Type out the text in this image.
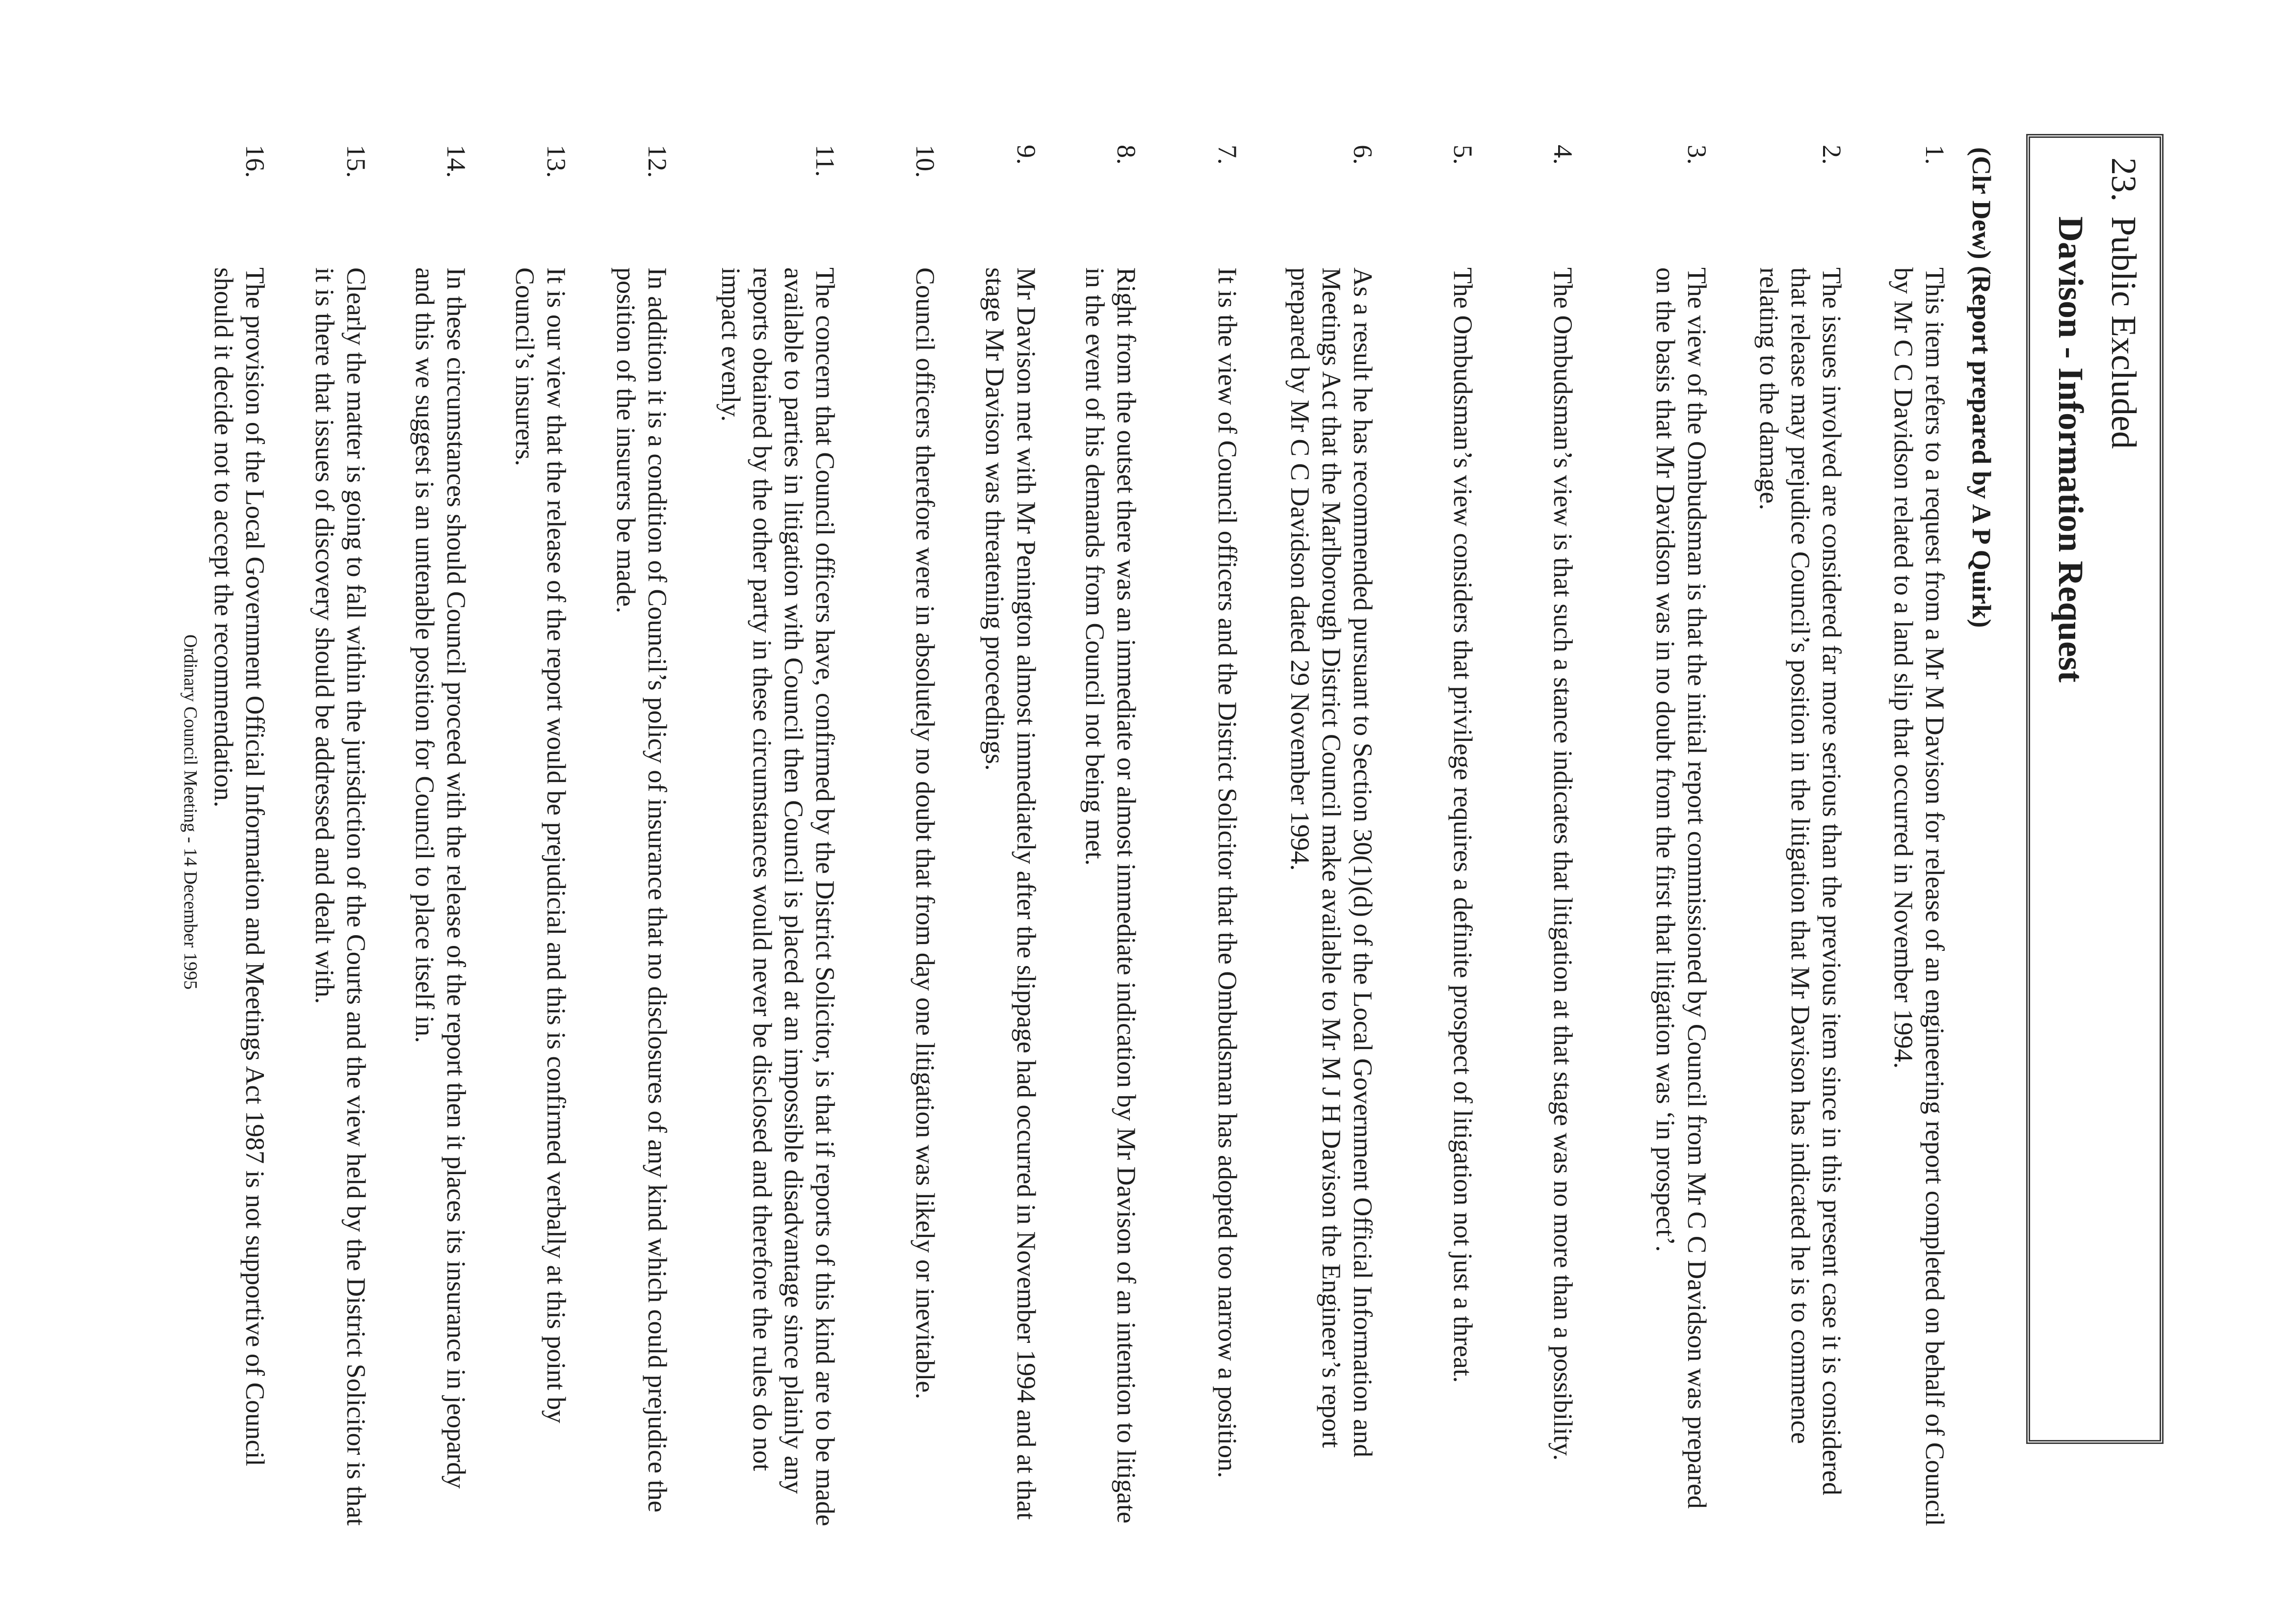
23.
Public Excluded
Davison - Information Request
(Clr Dew) (Report prepared by A P Quirk)
1.
This item refers to a request from a Mr M Davison for release of an engineering report completed on behalf of Council by Mr C C Davidson related to a land slip that occurred in November 1994.
2.
The issues involved are considered far more serious than the previous item since in this present case it is considered that release may prejudice Council’s position in the litigation that Mr Davison has indicated he is to commence relating to the damage.
3.
The view of the Ombudsman is that the initial report commissioned by Council from Mr C C Davidson was prepared on the basis that Mr Davidson was in no doubt from the first that litigation was ‘in prospect’.
4.
The Ombudsman’s view is that such a stance indicates that litigation at that stage was no more than a possibility.
5.
The Ombudsman’s view considers that privilege requires a definite prospect of litigation not just a threat.
6.
As a result he has recommended pursuant to Section 30(1)(d) of the Local Government Official Information and Meetings Act that the Marlborough District Council make available to Mr M J H Davison the Engineer’s report prepared by Mr C C Davidson dated 29 November 1994.
7.
It is the view of Council officers and the District Solicitor that the Ombudsman has adopted too narrow a position.
8.
Right from the outset there was an immediate or almost immediate indication by Mr Davison of an intention to litigate in the event of his demands from Council not being met.
9.
Mr Davison met with Mr Penington almost immediately after the slippage had occurred in November 1994 and at that stage Mr Davison was threatening proceedings.
10.
Council officers therefore were in absolutely no doubt that from day one litigation was likely or inevitable.
11.
The concern that Council officers have, confirmed by the District Solicitor, is that if reports of this kind are to be made available to parties in litigation with Council then Council is placed at an impossible disadvantage since plainly any reports obtained by the other party in these circumstances would never be disclosed and therefore the rules do not impact evenly.
12.
In addition it is a condition of Council’s policy of insurance that no disclosures of any kind which could prejudice the position of the insurers be made.
13.
It is our view that the release of the report would be prejudicial and this is confirmed verbally at this point by Council’s insurers.
14.
In these circumstances should Council proceed with the release of the report then it places its insurance in jeopardy and this we suggest is an untenable position for Council to place itself in.
15.
Clearly the matter is going to fall within the jurisdiction of the Courts and the view held by the District Solicitor is that it is there that issues of discovery should be addressed and dealt with.
16.
The provision of the Local Government Official Information and Meetings Act 1987 is not supportive of Council should it decide not to accept the recommendation.
Ordinary Council Meeting - 14 December 1995
